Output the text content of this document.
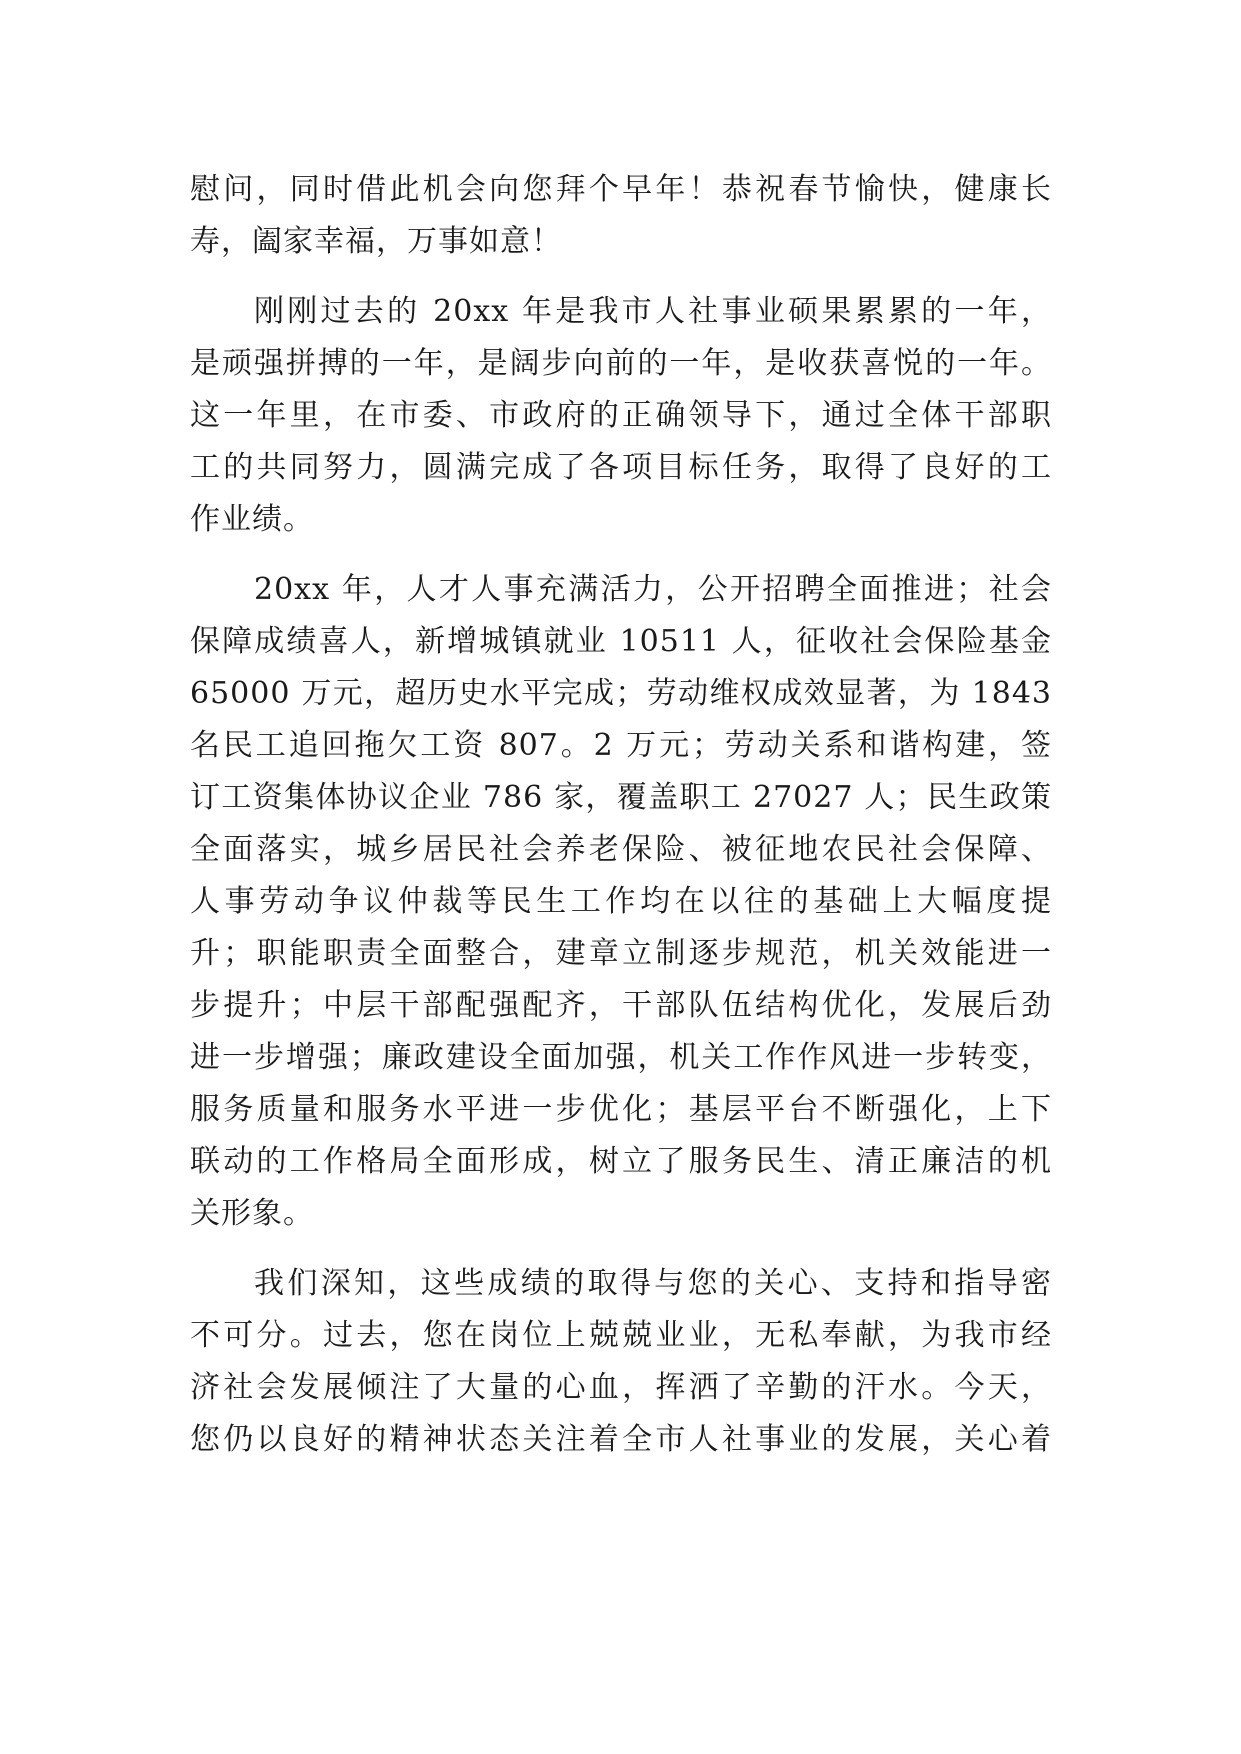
慰问，同时借此机会向您拜个早年！恭祝春节愉快，健康长
寿，阖家幸福，万事如意！
刚刚过去的 20xx 年是我市人社事业硕果累累的一年，
是顽强拼搏的一年，是阔步向前的一年，是收获喜悦的一年。
这一年里，在市委、市政府的正确领导下，通过全体干部职
工的共同努力，圆满完成了各项目标任务，取得了良好的工
作业绩。
20xx 年，人才人事充满活力，公开招聘全面推进；社会
保障成绩喜人，新增城镇就业 10511 人，征收社会保险基金
65000 万元，超历史水平完成；劳动维权成效显著，为 1843
名民工追回拖欠工资 807。2 万元；劳动关系和谐构建，签
订工资集体协议企业 786 家，覆盖职工 27027 人；民生政策
全面落实，城乡居民社会养老保险、被征地农民社会保障、
人事劳动争议仲裁等民生工作均在以往的基础上大幅度提
升；职能职责全面整合，建章立制逐步规范，机关效能进一
步提升；中层干部配强配齐，干部队伍结构优化，发展后劲
进一步增强；廉政建设全面加强，机关工作作风进一步转变，
服务质量和服务水平进一步优化；基层平台不断强化，上下
联动的工作格局全面形成，树立了服务民生、清正廉洁的机
关形象。
我们深知，这些成绩的取得与您的关心、支持和指导密
不可分。过去，您在岗位上兢兢业业，无私奉献，为我市经
济社会发展倾注了大量的心血，挥洒了辛勤的汗水。今天，
您仍以良好的精神状态关注着全市人社事业的发展，关心着
